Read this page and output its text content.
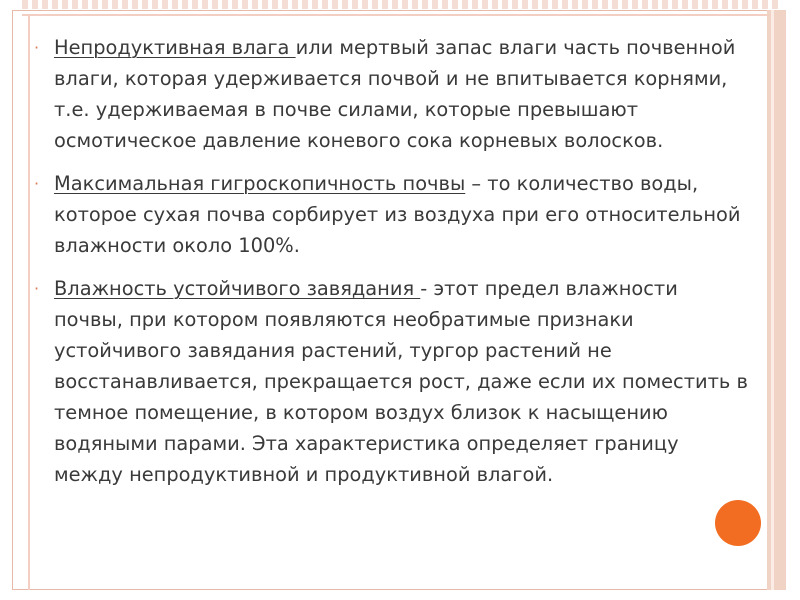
· Непродуктивная влага или мертвый запас влаги часть почвенной влаги, которая удерживается почвой и не впитывается корнями, т.е. удерживаемая в почве силами, которые превышают осмотическое давление коневого сока корневых волосков.
· Максимальная гигроскопичность почвы – то количество воды, которое сухая почва сорбирует из воздуха при его относительной влажности около 100%.
· Влажность устойчивого завядания - этот предел влажности почвы, при котором появляются необратимые признаки устойчивого завядания растений, тургор растений не восстанавливается, прекращается рост, даже если их поместить в темное помещение, в котором воздух близок к насыщению водяными парами. Эта характеристика определяет границу между непродуктивной и продуктивной влагой.
